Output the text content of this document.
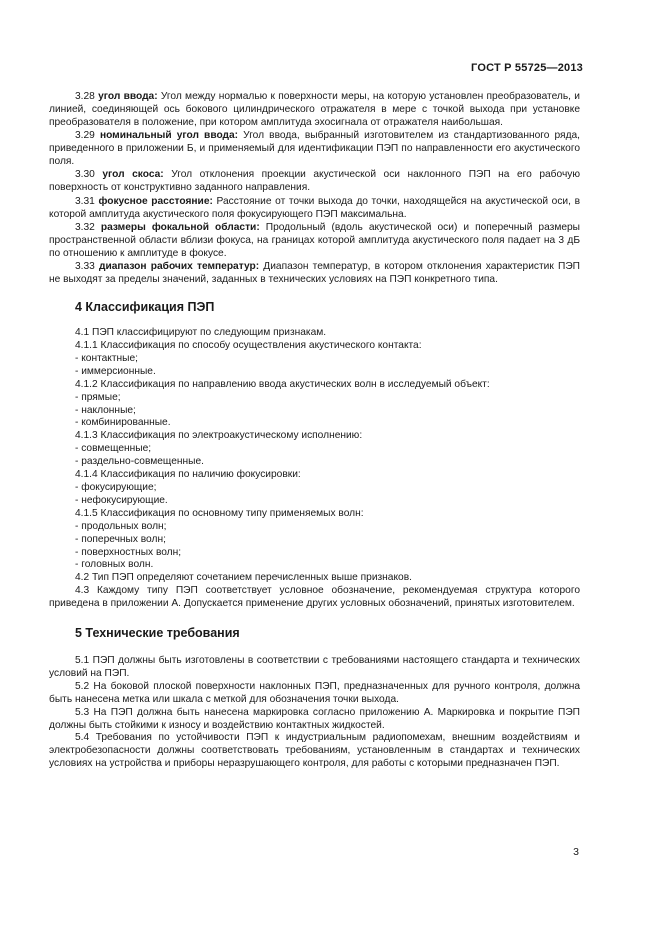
ГОСТ Р 55725—2013

3.28 угол ввода: Угол между нормалью к поверхности меры, на которую установлен преобразователь, и линией, соединяющей ось бокового цилиндрического отражателя в мере с точкой выхода при установке преобразователя в положение, при котором амплитуда эхосигнала от отражателя наибольшая.

3.29 номинальный угол ввода: Угол ввода, выбранный изготовителем из стандартизованного ряда, приведенного в приложении Б, и применяемый для идентификации ПЭП по направленности его акустического поля.

3.30 угол скоса: Угол отклонения проекции акустической оси наклонного ПЭП на его рабочую поверхность от конструктивно заданного направления.

3.31 фокусное расстояние: Расстояние от точки выхода до точки, находящейся на акустической оси, в которой амплитуда акустического поля фокусирующего ПЭП максимальна.

3.32 размеры фокальной области: Продольный (вдоль акустической оси) и поперечный размеры пространственной области вблизи фокуса, на границах которой амплитуда акустического поля падает на 3 дБ по отношению к амплитуде в фокусе.

3.33 диапазон рабочих температур: Диапазон температур, в котором отклонения характеристик ПЭП не выходят за пределы значений, заданных в технических условиях на ПЭП конкретного типа.

4 Классификация ПЭП

4.1 ПЭП классифицируют по следующим признакам.

4.1.1 Классификация по способу осуществления акустического контакта:

- контактные;

- иммерсионные.

4.1.2 Классификация по направлению ввода акустических волн в исследуемый объект:

- прямые;

- наклонные;

- комбинированные.

4.1.3 Классификация по электроакустическому исполнению:

- совмещенные;

- раздельно-совмещенные.

4.1.4 Классификация по наличию фокусировки:

- фокусирующие;

- нефокусирующие.

4.1.5 Классификация по основному типу применяемых волн:

- продольных волн;

- поперечных волн;

- поверхностных волн;

- головных волн.

4.2 Тип ПЭП определяют сочетанием перечисленных выше признаков.

4.3 Каждому типу ПЭП соответствует условное обозначение, рекомендуемая структура которого приведена в приложении А. Допускается применение других условных обозначений, принятых изготовителем.

5 Технические требования

5.1 ПЭП должны быть изготовлены в соответствии с требованиями настоящего стандарта и технических условий на ПЭП.

5.2 На боковой плоской поверхности наклонных ПЭП, предназначенных для ручного контроля, должна быть нанесена метка или шкала с меткой для обозначения точки выхода.

5.3 На ПЭП должна быть нанесена маркировка согласно приложению А. Маркировка и покрытие ПЭП должны быть стойкими к износу и воздействию контактных жидкостей.

5.4 Требования по устойчивости ПЭП к индустриальным радиопомехам, внешним воздействиям и электробезопасности должны соответствовать требованиям, установленным в стандартах и технических условиях на устройства и приборы неразрушающего контроля, для работы с которыми предназначен ПЭП.

3
